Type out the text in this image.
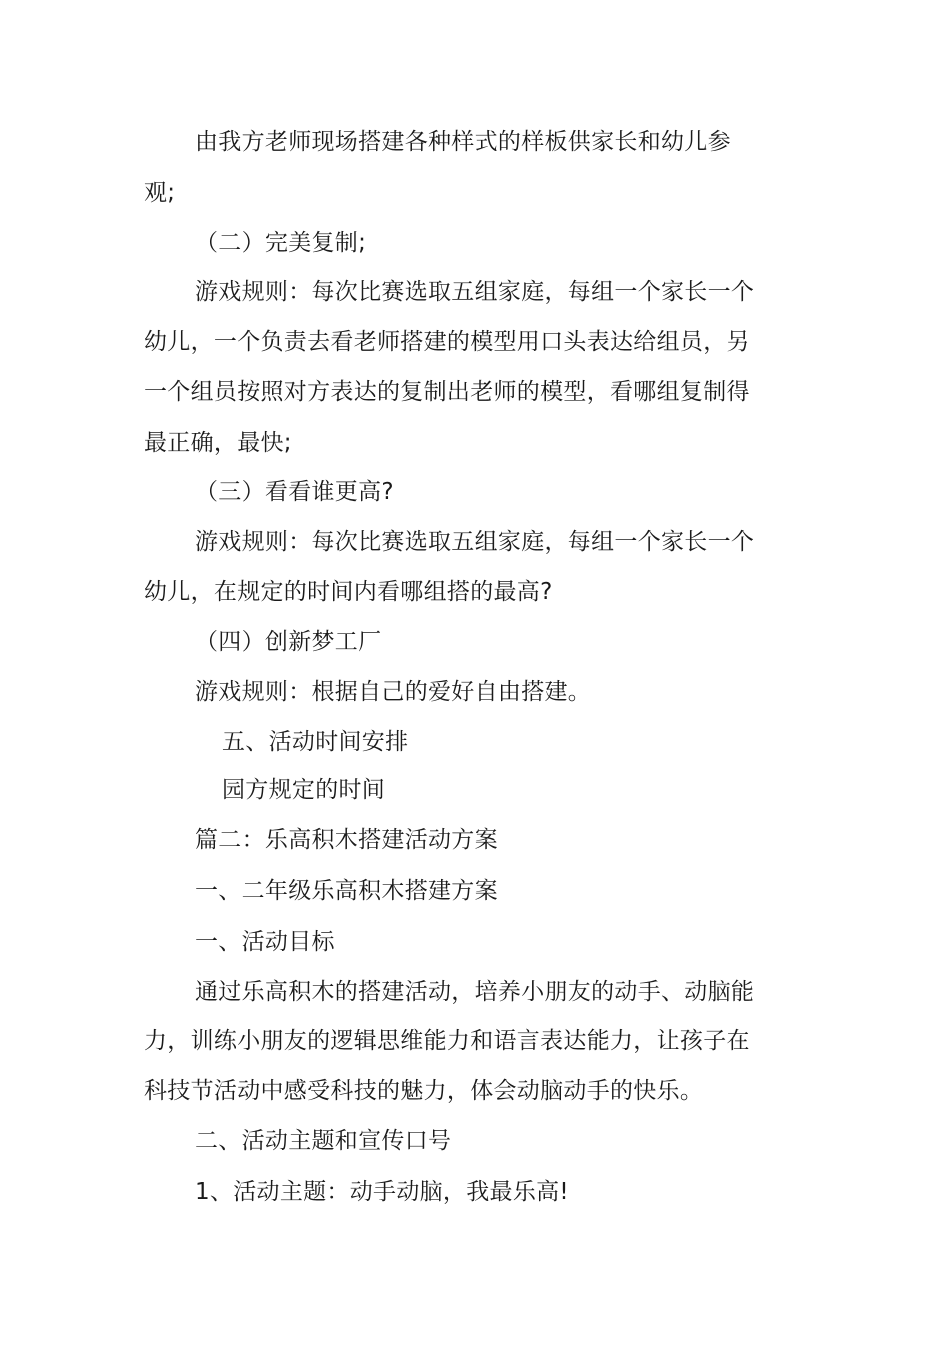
由我方老师现场搭建各种样式的样板供家长和幼儿参
观;
（二）完美复制;
游戏规则：每次比赛选取五组家庭，每组一个家长一个
幼儿，一个负责去看老师搭建的模型用口头表达给组员，另
一个组员按照对方表达的复制出老师的模型，看哪组复制得
最正确，最快;
（三）看看谁更高?
游戏规则：每次比赛选取五组家庭，每组一个家长一个
幼儿，在规定的时间内看哪组搭的最高?
（四）创新梦工厂
游戏规则：根据自己的爱好自由搭建。
五、活动时间安排
园方规定的时间
篇二：乐高积木搭建活动方案
一、二年级乐高积木搭建方案
一、活动目标
通过乐高积木的搭建活动，培养小朋友的动手、动脑能
力，训练小朋友的逻辑思维能力和语言表达能力，让孩子在
科技节活动中感受科技的魅力，体会动脑动手的快乐。
二、活动主题和宣传口号
1、活动主题：动手动脑，我最乐高!
